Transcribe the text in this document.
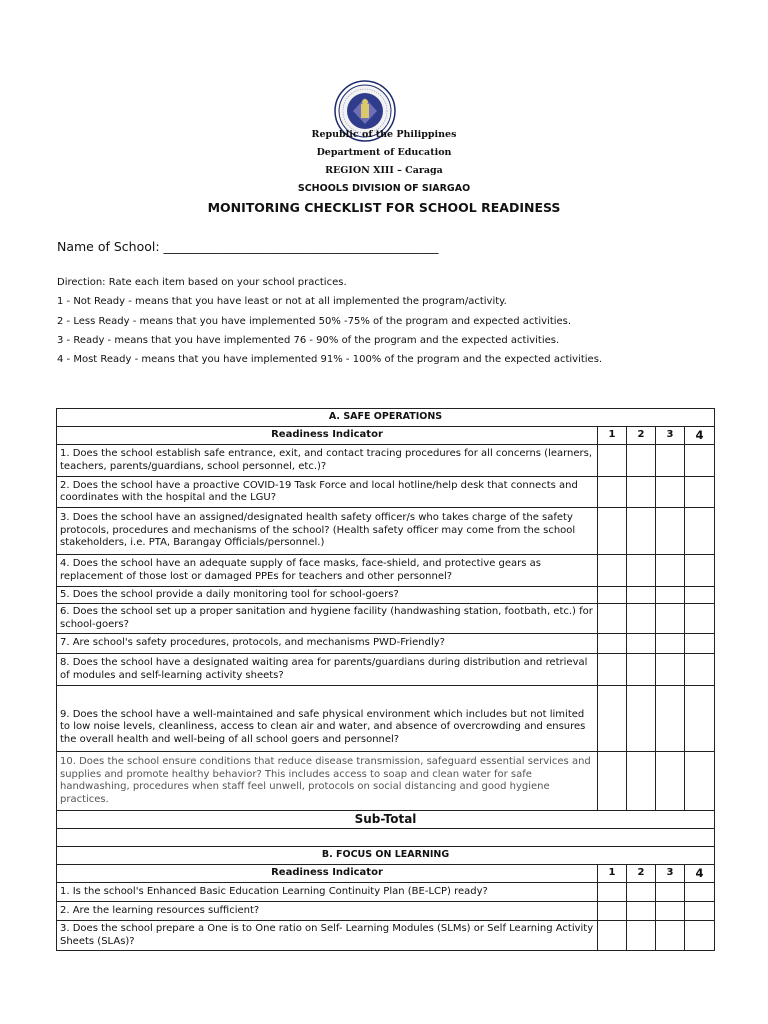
Republic of the Philippines
Department of Education
REGION XIII – Caraga
SCHOOLS DIVISION OF SIARGAO
MONITORING CHECKLIST FOR SCHOOL READINESS
Name of School: ____________________________________________
Direction: Rate each item based on your school practices.
1 - Not Ready - means that you have least or not at all implemented the program/activity.
2 - Less Ready - means that you have implemented 50% -75% of the program and expected activities.
3 - Ready - means that you have implemented 76 - 90% of the program and the expected activities.
4 - Most Ready - means that you have implemented 91% - 100% of the program and the expected activities.
A. SAFE OPERATIONS				
Readiness Indicator	1	2	3	4
1. Does the school establish safe entrance, exit, and contact tracing procedures for all concerns (learners, teachers, parents/guardians, school personnel, etc.)?				
2. Does the school have a proactive COVID-19 Task Force and local hotline/help desk that connects and coordinates with the hospital and the LGU?				
3. Does the school have an assigned/designated health safety officer/s who takes charge of the safety protocols, procedures and mechanisms of the school? (Health safety officer may come from the school stakeholders, i.e. PTA, Barangay Officials/personnel.)				
4. Does the school have an adequate supply of face masks, face-shield, and protective gears as replacement of those lost or damaged PPEs for teachers and other personnel?				
5. Does the school provide a daily monitoring tool for school-goers?				
6. Does the school set up a proper sanitation and hygiene facility (handwashing station, footbath, etc.) for school-goers?				
7. Are school's safety procedures, protocols, and mechanisms PWD-Friendly?				
8. Does the school have a designated waiting area for parents/guardians during distribution and retrieval of modules and self-learning activity sheets?				
9. Does the school have a well-maintained and safe physical environment which includes but not limited to low noise levels, cleanliness, access to clean air and water, and absence of overcrowding and ensures the overall health and well-being of all school goers and personnel?				
10. Does the school ensure conditions that reduce disease transmission, safeguard essential services and supplies and promote healthy behavior? This includes access to soap and clean water for safe handwashing, procedures when staff feel unwell, protocols on social distancing and good hygiene practices.				
Sub-Total				

B. FOCUS ON LEARNING				
Readiness Indicator	1	2	3	4
1. Is the school's Enhanced Basic Education Learning Continuity Plan (BE-LCP) ready?				
2. Are the learning resources sufficient?				
3. Does the school prepare a One is to One ratio on Self- Learning Modules (SLMs) or Self Learning Activity Sheets (SLAs)?				
